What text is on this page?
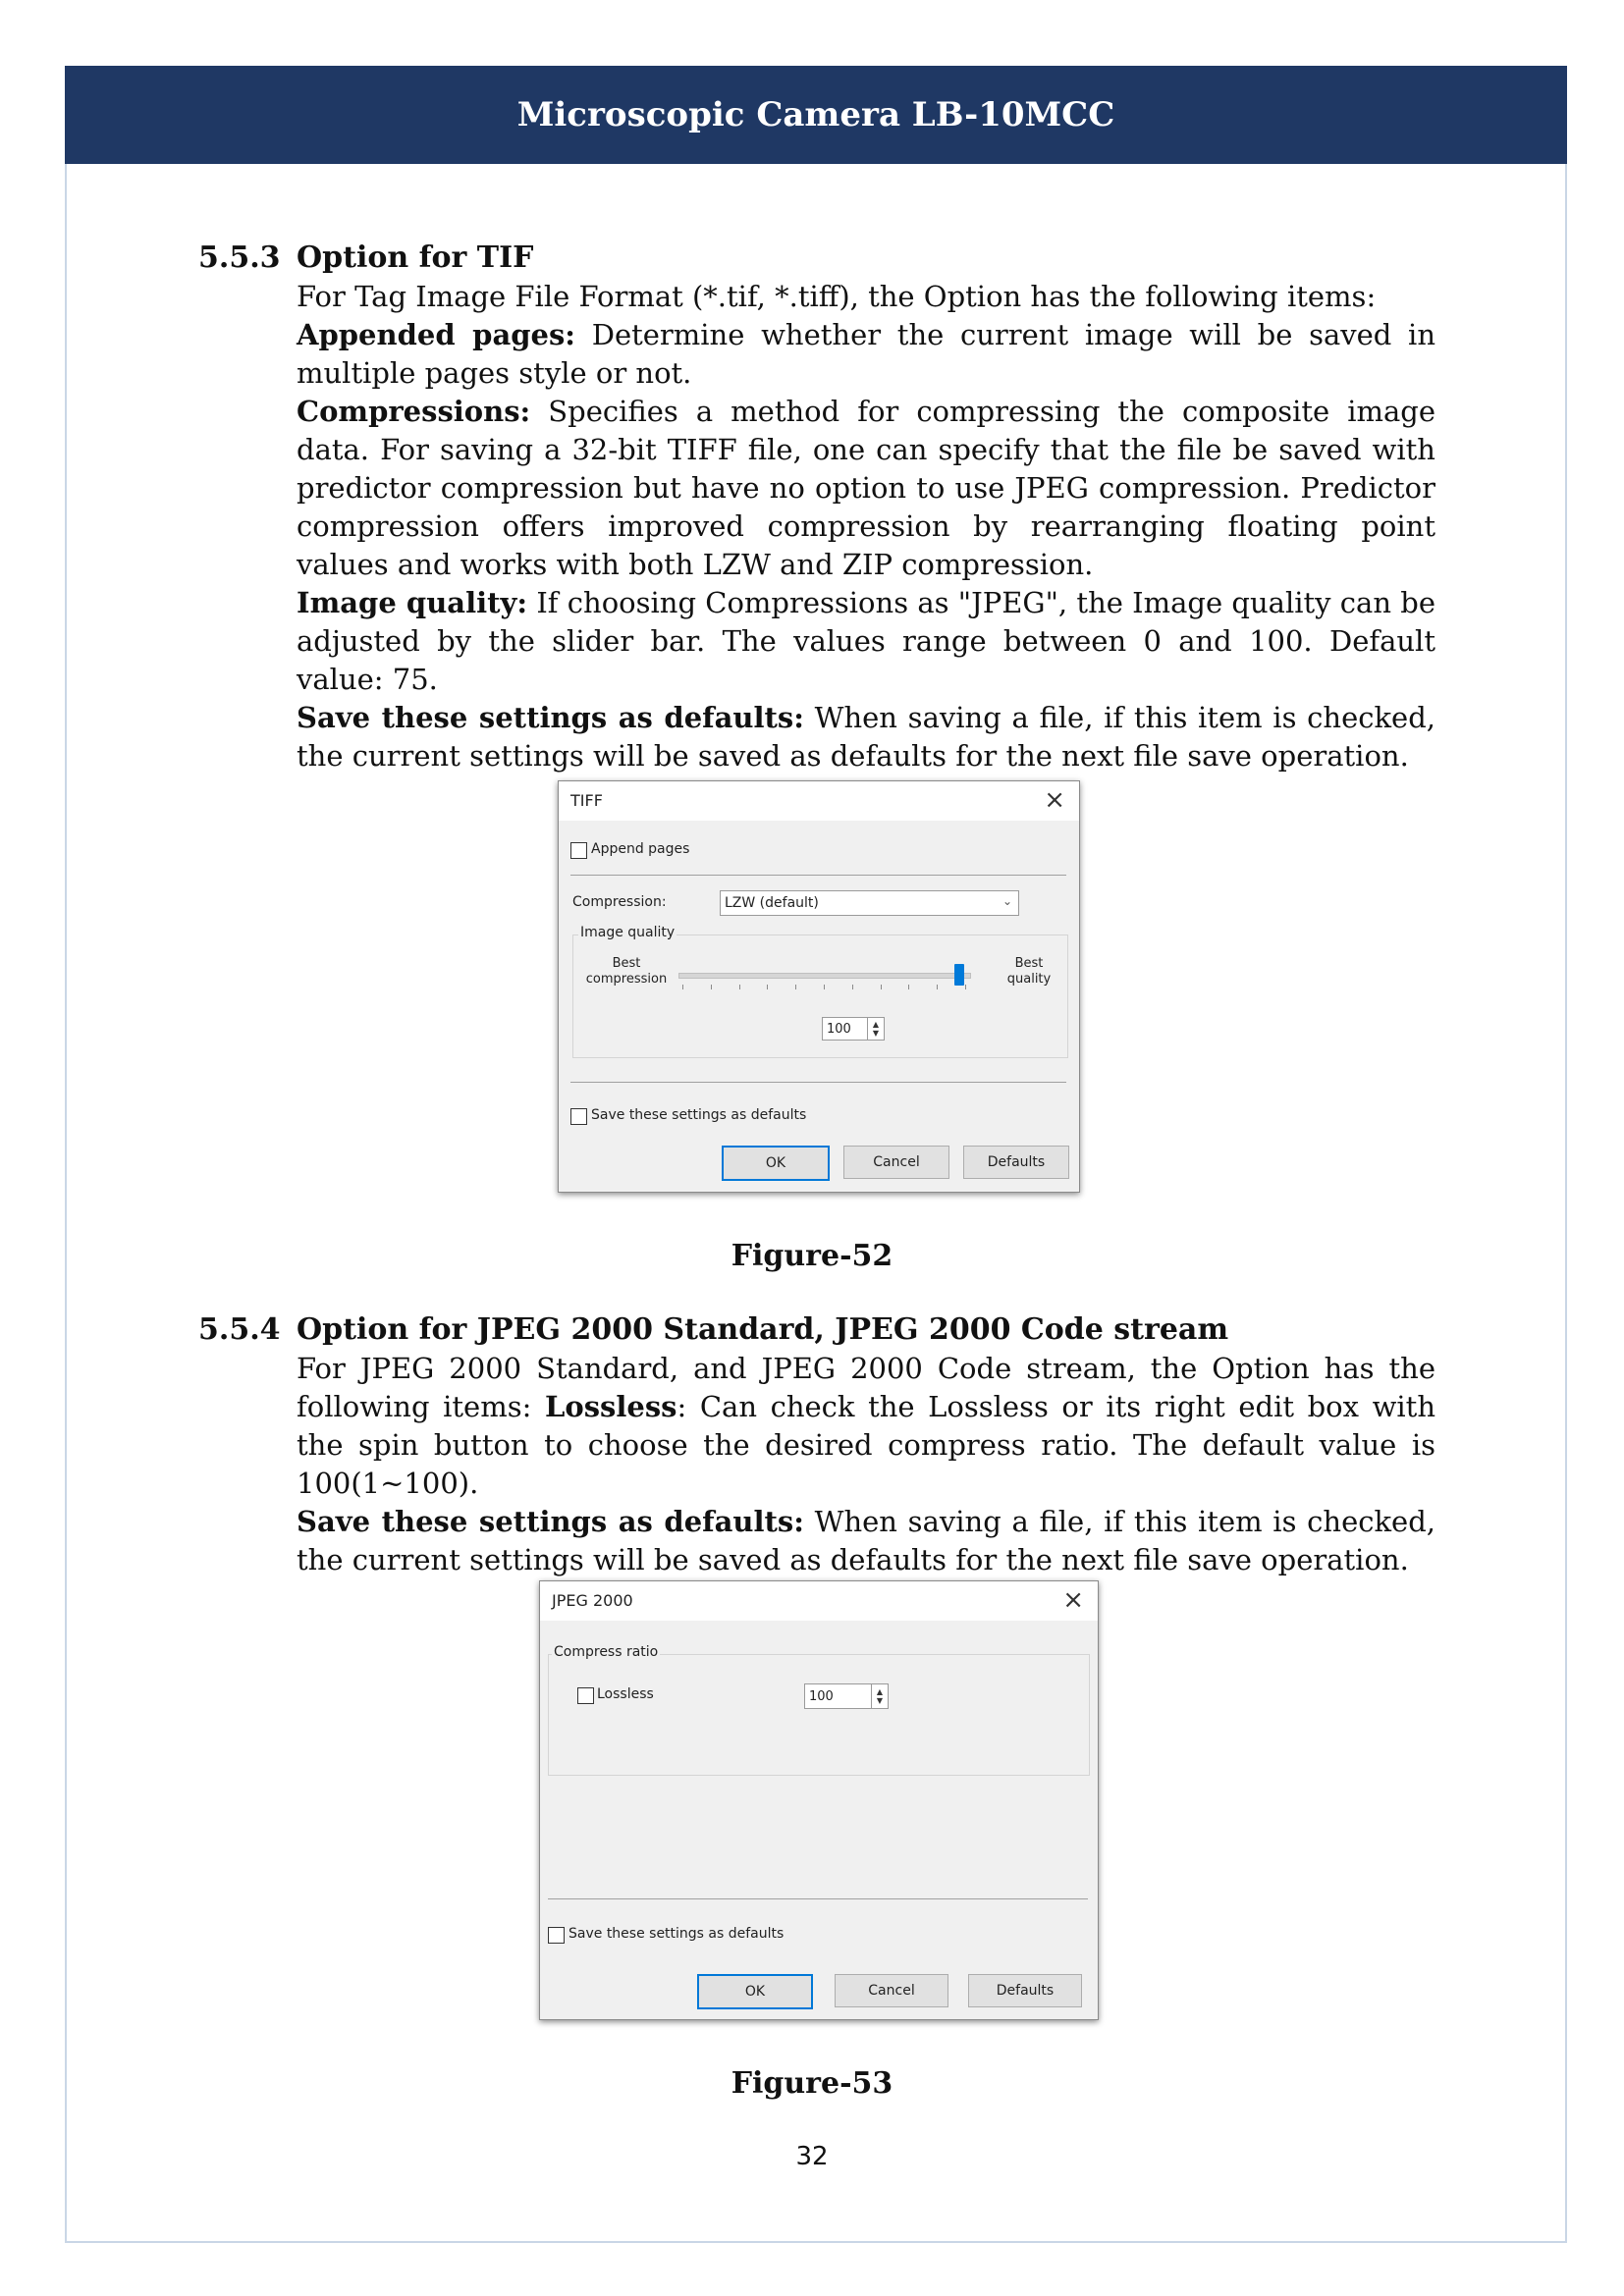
Microscopic Camera LB-10MCC
5.5.3 Option for TIF

For Tag Image File Format (*.tif, *.tiff), the Option has the following items:

Appended pages: Determine whether the current image will be saved in multiple pages style or not.

Compressions: Specifies a method for compressing the composite image data. For saving a 32-bit TIFF file, one can specify that the file be saved with predictor compression but have no option to use JPEG compression. Predictor compression offers improved compression by rearranging floating point values and works with both LZW and ZIP compression.

Image quality: If choosing Compressions as "JPEG", the Image quality can be adjusted by the slider bar. The values range between 0 and 100. Default value: 75.

Save these settings as defaults: When saving a file, if this item is checked, the current settings will be saved as defaults for the next file save operation.

TIFF	×
Append pages
Compression:	LZW (default)	⌄
Image quality
Best compression
Best quality
100	▲
▼
Save these settings as defaults
OK	Cancel	Defaults
Figure-52
5.5.4 Option for JPEG 2000 Standard, JPEG 2000 Code stream

For JPEG 2000 Standard, and JPEG 2000 Code stream, the Option has the following items: Lossless: Can check the Lossless or its right edit box with the spin button to choose the desired compress ratio. The default value is 100(1~100).

Save these settings as defaults: When saving a file, if this item is checked, the current settings will be saved as defaults for the next file save operation.

JPEG 2000	×
Compress ratio
Lossless	100	▲
▼
Save these settings as defaults
OK	Cancel	Defaults
Figure-53
32
